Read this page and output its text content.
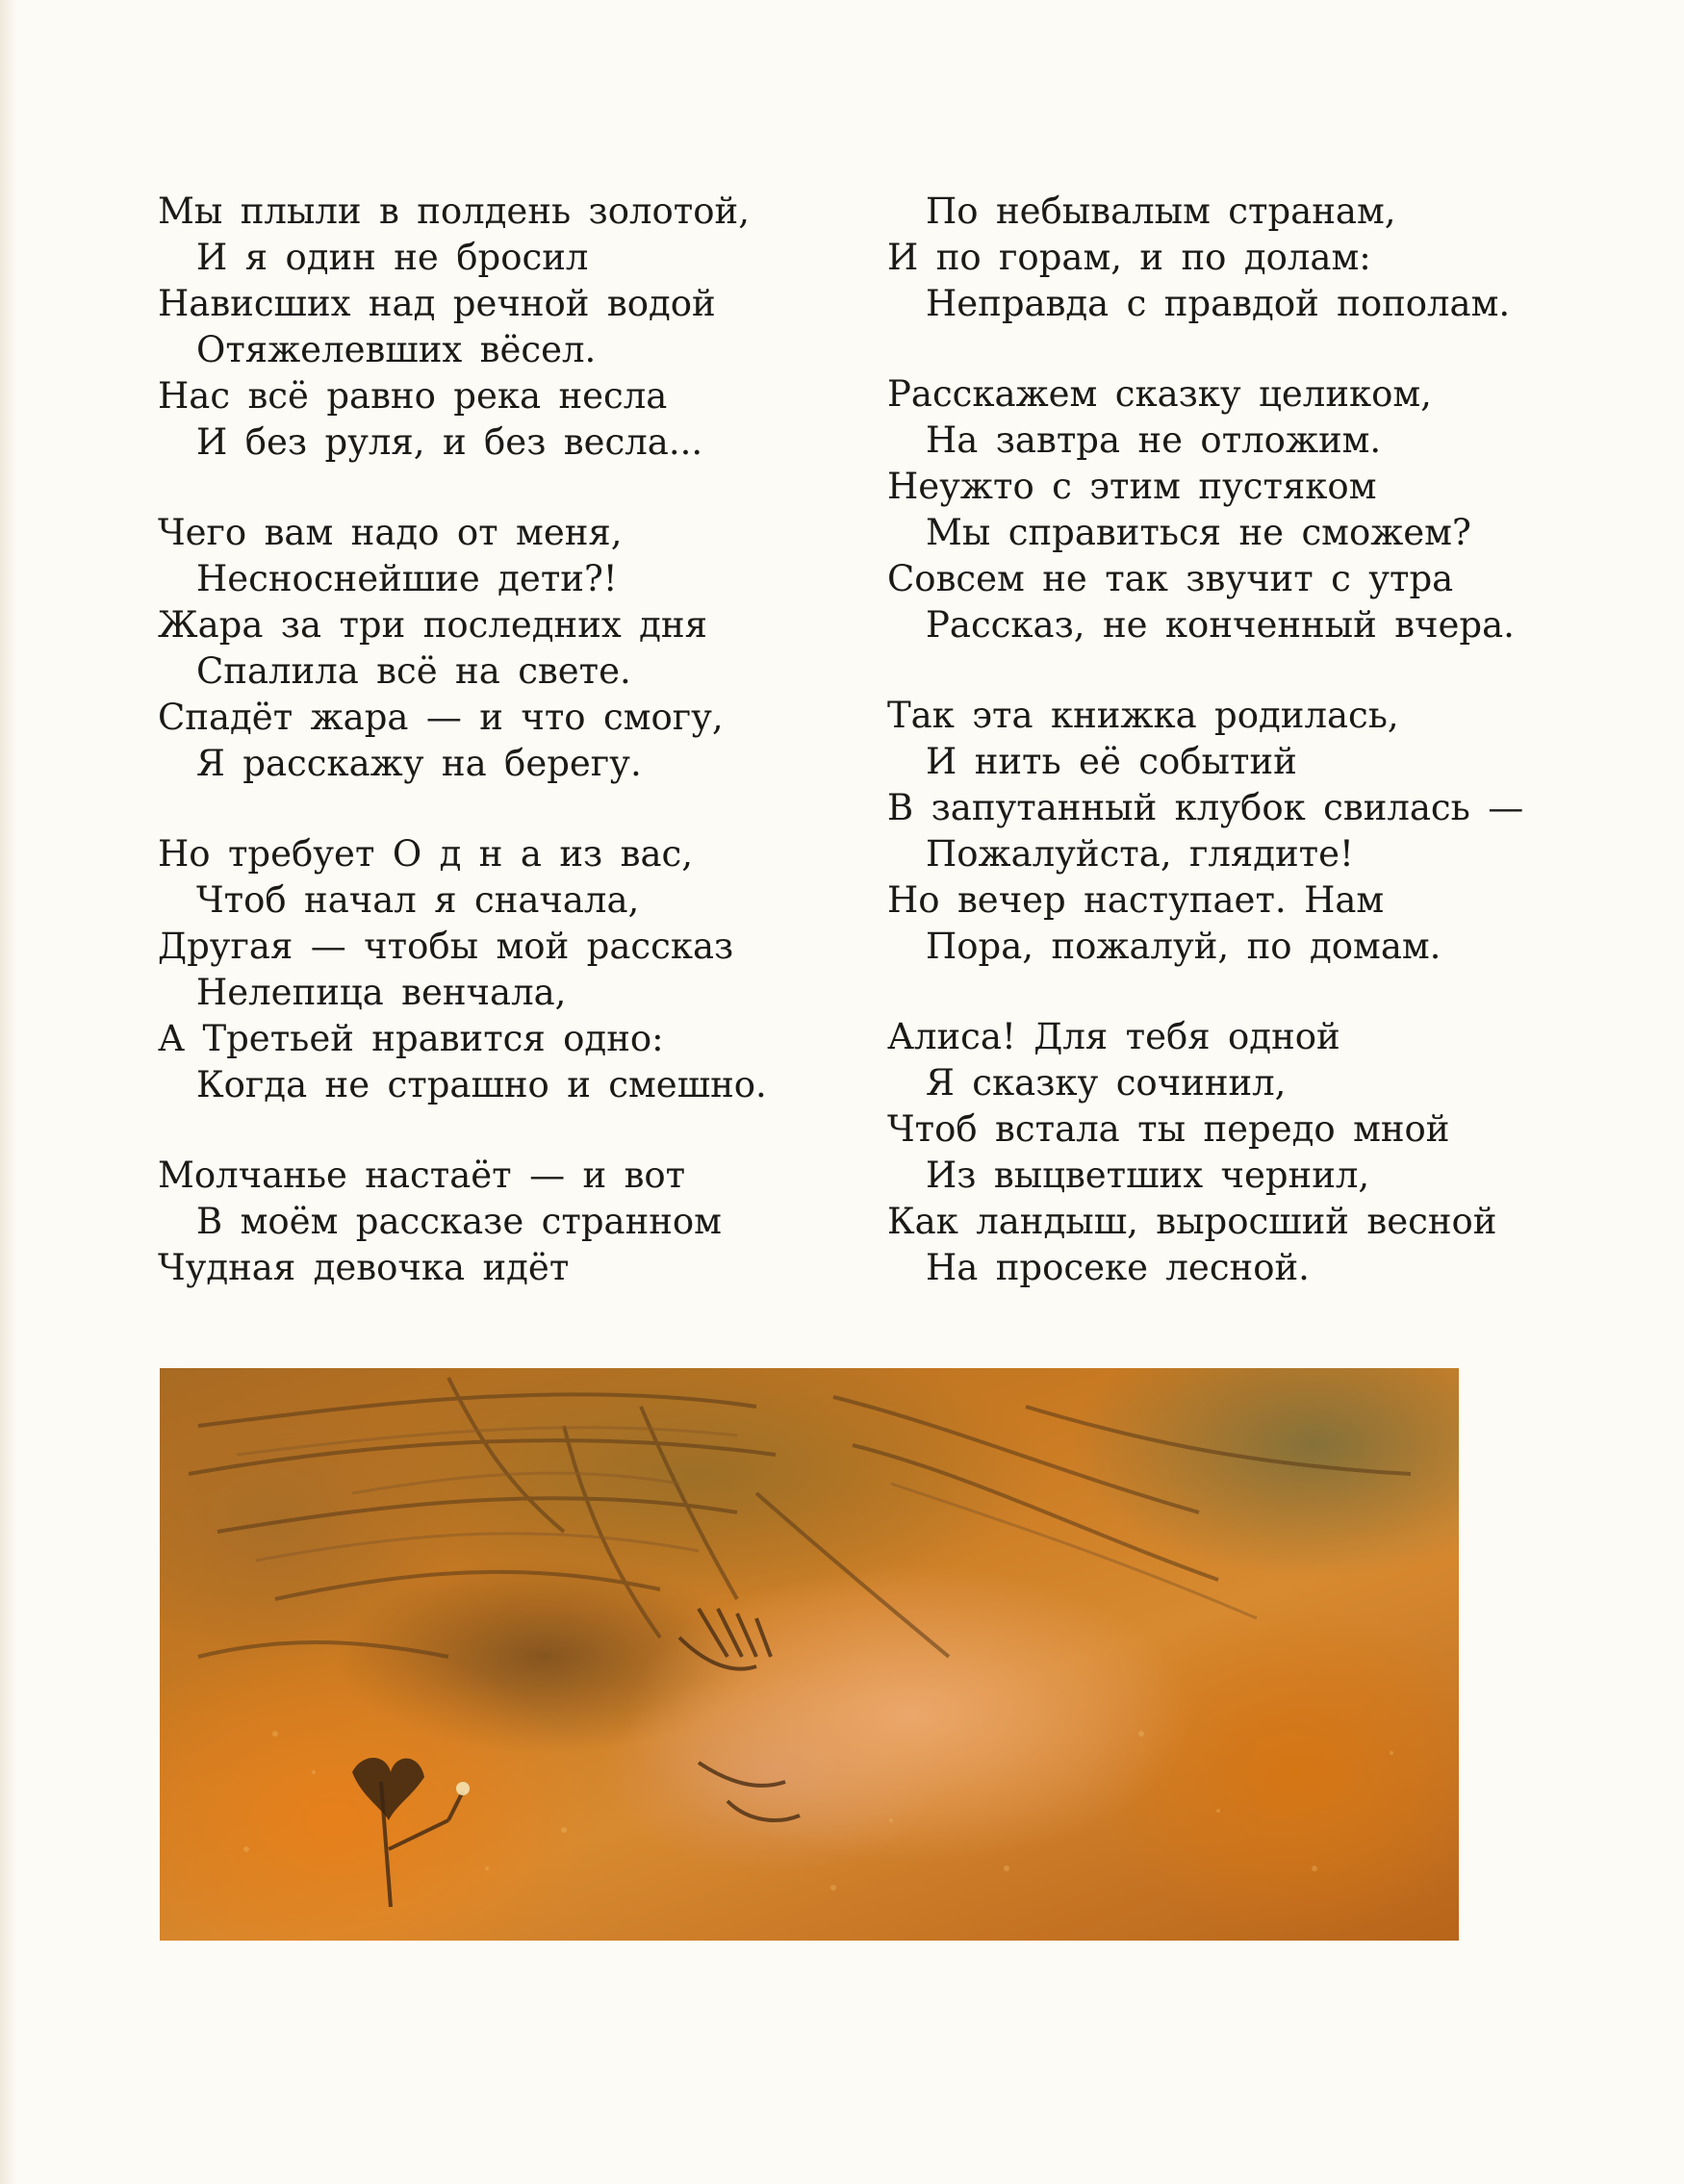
Мы плыли в полдень золотой,
И я один не бросил
Нависших над речной водой
Отяжелевших вёсел.
Нас всё равно река несла
И без руля, и без весла...
Чего вам надо от меня,
Несноснейшие дети?!
Жара за три последних дня
Спалила всё на свете.
Спадёт жара — и что смогу,
Я расскажу на берегу.
Но требует О д н а из вас,
Чтоб начал я сначала,
Другая — чтобы мой рассказ
Нелепица венчала,
А Третьей нравится одно:
Когда не страшно и смешно.
Молчанье настаёт — и вот
В моём рассказе странном
Чудная девочка идёт
По небывалым странам,
И по горам, и по долам:
Неправда с правдой пополам.
Расскажем сказку целиком,
На завтра не отложим.
Неужто с этим пустяком
Мы справиться не сможем?
Совсем не так звучит с утра
Рассказ, не конченный вчера.
Так эта книжка родилась,
И нить её событий
В запутанный клубок свилась —
Пожалуйста, глядите!
Но вечер наступает. Нам
Пора, пожалуй, по домам.
Алиса! Для тебя одной
Я сказку сочинил,
Чтоб встала ты передо мной
Из выцветших чернил,
Как ландыш, выросший весной
На просеке лесной.
